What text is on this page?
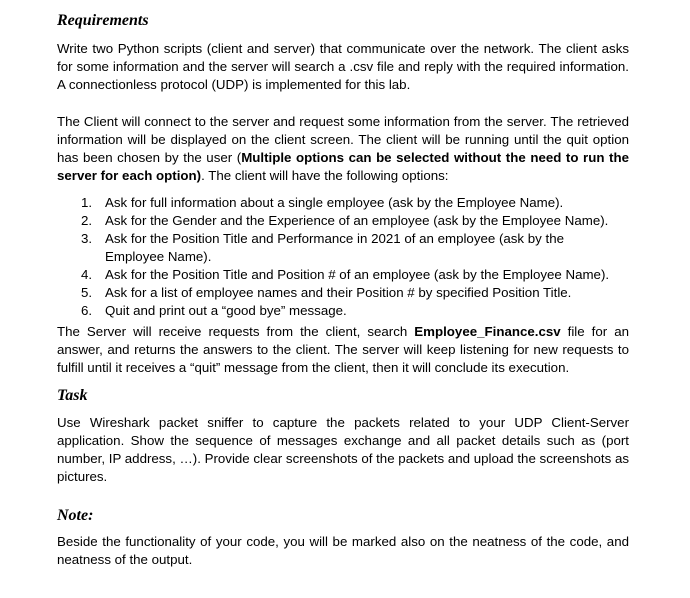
Requirements

Write two Python scripts (client and server) that communicate over the network. The client asks for some information and the server will search a .csv file and reply with the required information. A connectionless protocol (UDP) is implemented for this lab.

The Client will connect to the server and request some information from the server. The retrieved information will be displayed on the client screen. The client will be running until the quit option has been chosen by the user (Multiple options can be selected without the need to run the server for each option). The client will have the following options:

1. Ask for full information about a single employee (ask by the Employee Name).
2. Ask for the Gender and the Experience of an employee (ask by the Employee Name).
3. Ask for the Position Title and Performance in 2021 of an employee (ask by the Employee Name).
4. Ask for the Position Title and Position # of an employee (ask by the Employee Name).
5. Ask for a list of employee names and their Position # by specified Position Title.
6. Quit and print out a “good bye” message.

The Server will receive requests from the client, search Employee_Finance.csv file for an answer, and returns the answers to the client. The server will keep listening for new requests to fulfill until it receives a “quit” message from the client, then it will conclude its execution.

Task

Use Wireshark packet sniffer to capture the packets related to your UDP Client-Server application. Show the sequence of messages exchange and all packet details such as (port number, IP address, …). Provide clear screenshots of the packets and upload the screenshots as pictures.

Note:

Beside the functionality of your code, you will be marked also on the neatness of the code, and neatness of the output.
